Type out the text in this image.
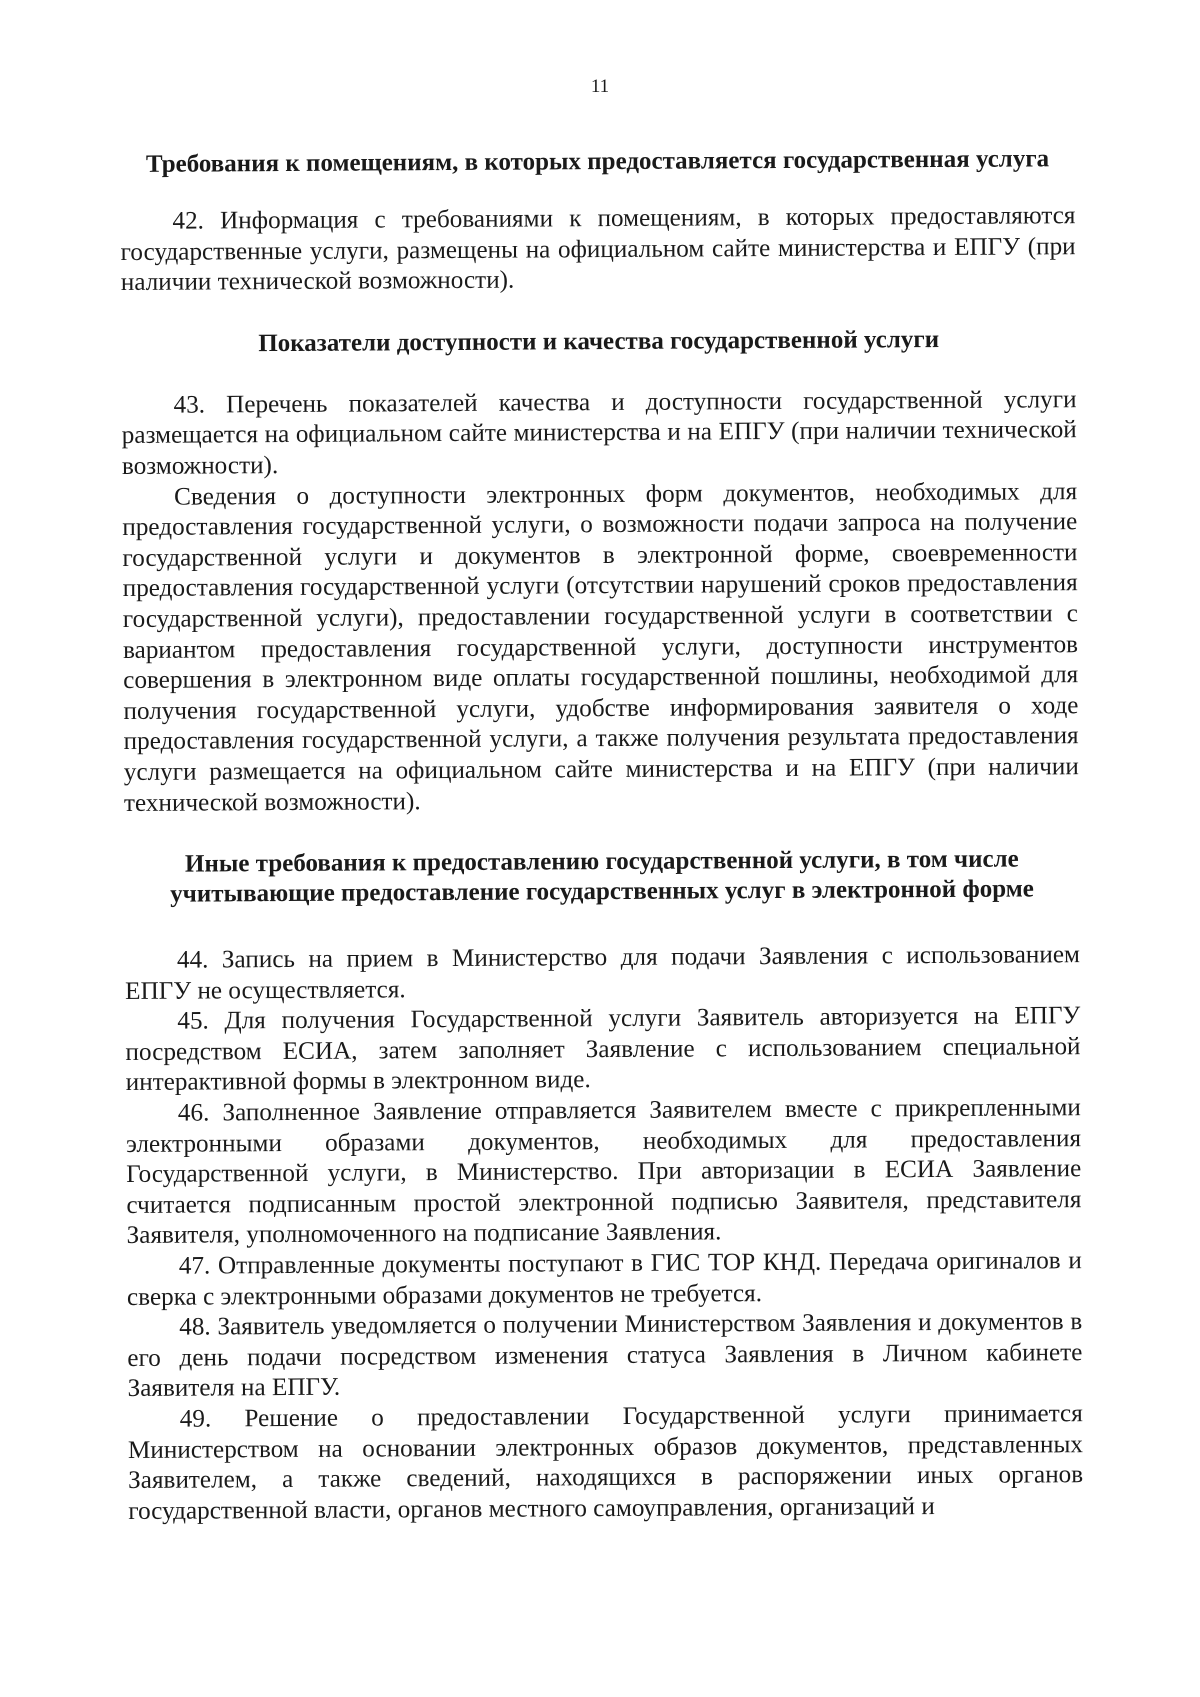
11
Требования к помещениям, в которых предоставляется государственная услуга

42. Информация с требованиями к помещениям, в которых предоставляются государственные услуги, размещены на официальном сайте министерства и ЕПГУ (при наличии технической возможности).

Показатели доступности и качества государственной услуги

43. Перечень показателей качества и доступности государственной услуги размещается на официальном сайте министерства и на ЕПГУ (при наличии технической возможности).

Сведения о доступности электронных форм документов, необходимых для предоставления государственной услуги, о возможности подачи запроса на получение государственной услуги и документов в электронной форме, своевременности предоставления государственной услуги (отсутствии нарушений сроков предоставления государственной услуги), предоставлении государственной услуги в соответствии с вариантом предоставления государственной услуги, доступности инструментов совершения в электронном виде оплаты государственной пошлины, необходимой для получения государственной услуги, удобстве информирования заявителя о ходе предоставления государственной услуги, а также получения результата предоставления услуги размещается на официальном сайте министерства и на ЕПГУ (при наличии технической возможности).

Иные требования к предоставлению государственной услуги, в том числе
учитывающие предоставление государственных услуг в электронной форме

44. Запись на прием в Министерство для подачи Заявления с использованием ЕПГУ не осуществляется.

45. Для получения Государственной услуги Заявитель авторизуется на ЕПГУ посредством ЕСИА, затем заполняет Заявление с использованием специальной интерактивной формы в электронном виде.

46. Заполненное Заявление отправляется Заявителем вместе с прикрепленными электронными образами документов, необходимых для предоставления Государственной услуги, в Министерство. При авторизации в ЕСИА Заявление считается подписанным простой электронной подписью Заявителя, представителя Заявителя, уполномоченного на подписание Заявления.

47. Отправленные документы поступают в ГИС ТОР КНД. Передача оригиналов и сверка с электронными образами документов не требуется.

48. Заявитель уведомляется о получении Министерством Заявления и документов в его день подачи посредством изменения статуса Заявления в Личном кабинете Заявителя на ЕПГУ.

49. Решение о предоставлении Государственной услуги принимается Министерством на основании электронных образов документов, представленных Заявителем, а также сведений, находящихся в распоряжении иных органов государственной власти, органов местного самоуправления, организаций и
